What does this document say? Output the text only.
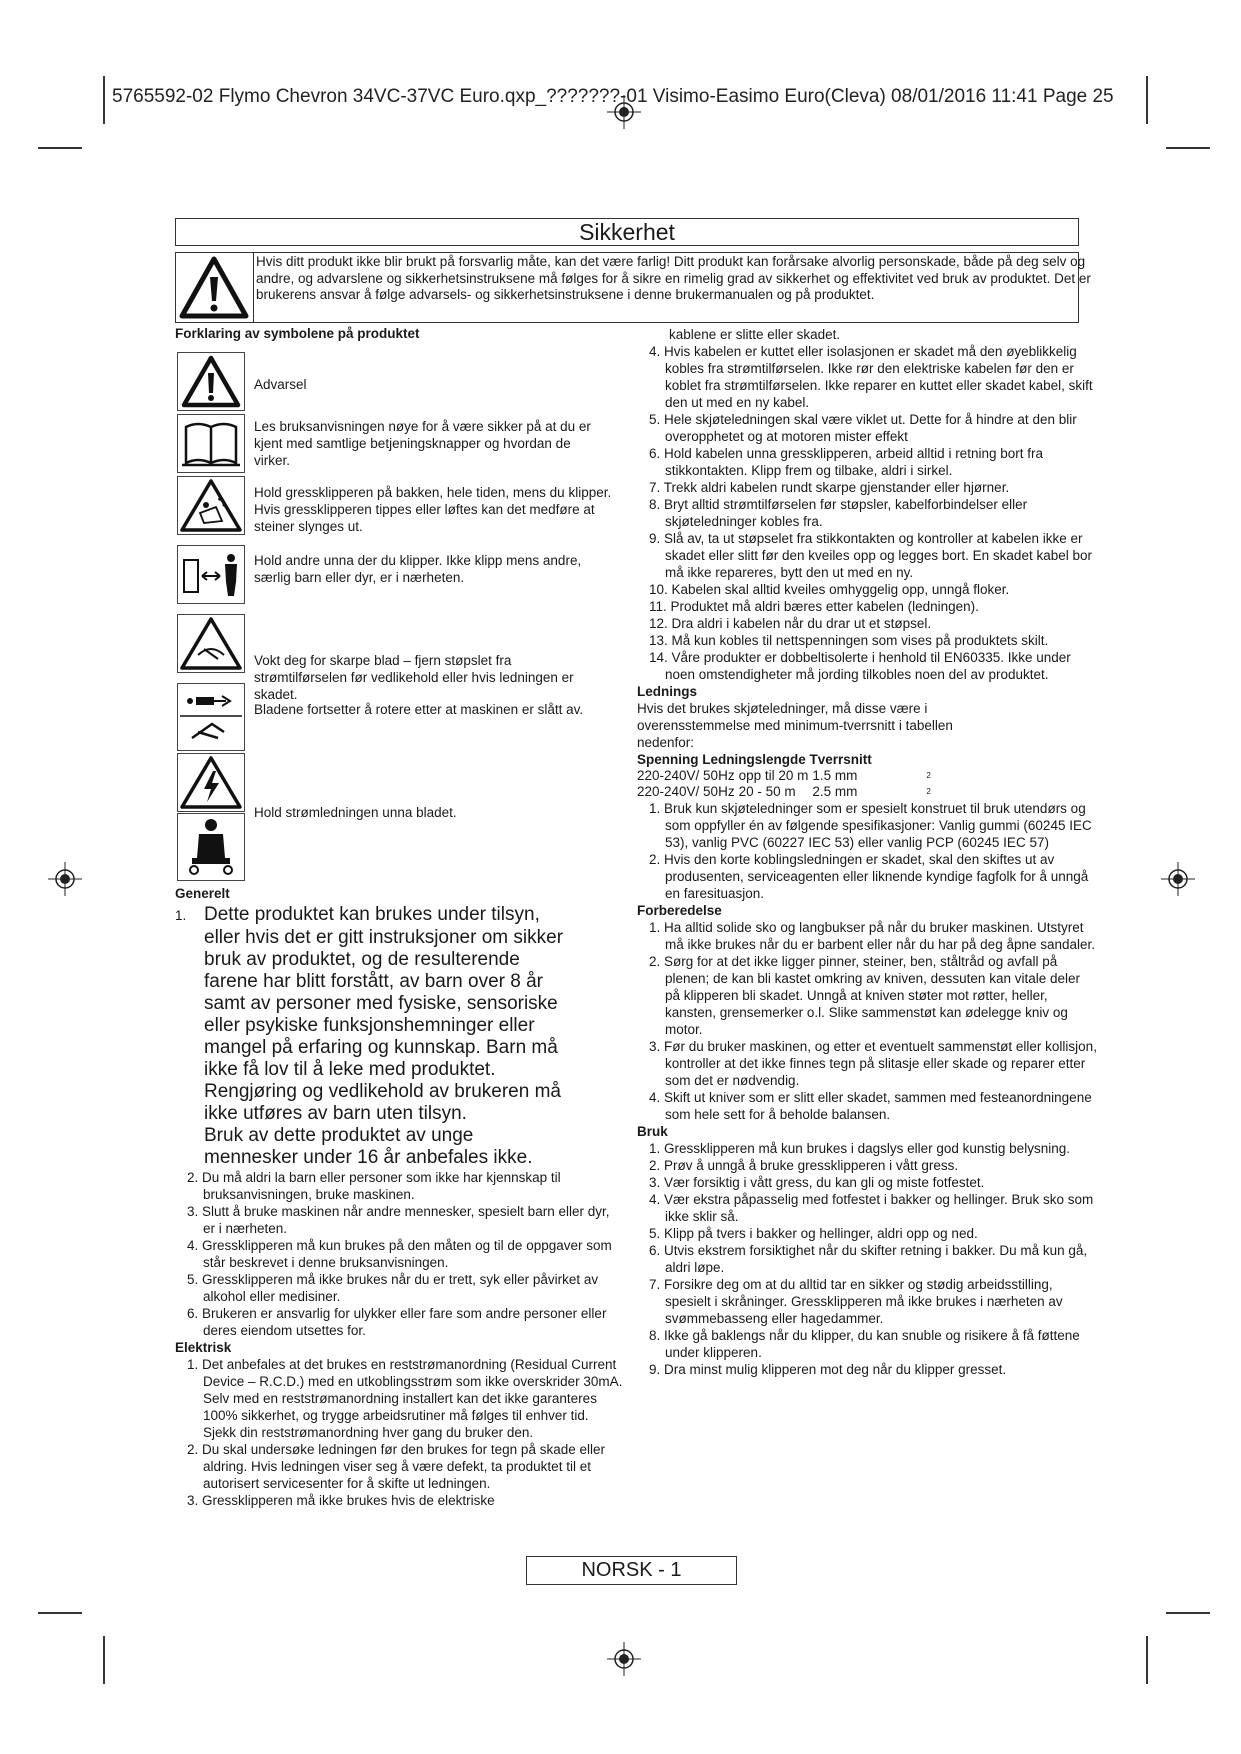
5765592-02 Flymo Chevron 34VC-37VC Euro.qxp_???????-01 Visimo-Easimo Euro(Cleva) 08/01/2016 11:41 Page 25
Sikkerhet
Hvis ditt produkt ikke blir brukt på forsvarlig måte, kan det være farlig! Ditt produkt kan forårsake alvorlig personskade, både på deg selv og andre, og advarslene og sikkerhetsinstruksene må følges for å sikre en rimelig grad av sikkerhet og effektivitet ved bruk av produktet. Det er brukerens ansvar å følge advarsels- og sikkerhetsinstruksene i denne brukermanualen og på produktet.
Forklaring av symbolene på produktet
Advarsel
Les bruksanvisningen nøye for å være sikker på at du er kjent med samtlige betjeningsknapper og hvordan de virker.
Hold gressklipperen på bakken, hele tiden, mens du klipper. Hvis gressklipperen tippes eller løftes kan det medføre at steiner slynges ut.
Hold andre unna der du klipper. Ikke klipp mens andre, særlig barn eller dyr, er i nærheten.
Vokt deg for skarpe blad – fjern støpslet fra strømtilførselen før vedlikehold eller hvis ledningen er skadet.
Bladene fortsetter å rotere etter at maskinen er slått av.
Hold strømledningen unna bladet.

Generelt

1. Dette produktet kan brukes under tilsyn,
eller hvis det er gitt instruksjoner om sikker
bruk av produktet, og de resulterende
farene har blitt forstått, av barn over 8 år
samt av personer med fysiske, sensoriske
eller psykiske funksjonshemninger eller
mangel på erfaring og kunnskap. Barn må
ikke få lov til å leke med produktet.
Rengjøring og vedlikehold av brukeren må
ikke utføres av barn uten tilsyn.
Bruk av dette produktet av unge
mennesker under 16 år anbefales ikke.

2. Du må aldri la barn eller personer som ikke har kjennskap til bruksanvisningen, bruke maskinen.

3. Slutt å bruke maskinen når andre mennesker, spesielt barn eller dyr, er i nærheten.

4. Gressklipperen må kun brukes på den måten og til de oppgaver som står beskrevet i denne bruksanvisningen.

5. Gressklipperen må ikke brukes når du er trett, syk eller påvirket av alkohol eller medisiner.

6. Brukeren er ansvarlig for ulykker eller fare som andre personer eller deres eiendom utsettes for.

Elektrisk

1. Det anbefales at det brukes en reststrømanordning (Residual Current Device – R.C.D.) med en utkoblingsstrøm som ikke overskrider 30mA. Selv med en reststrømanordning installert kan det ikke garanteres 100% sikkerhet, og trygge arbeidsrutiner må følges til enhver tid. Sjekk din reststrømanordning hver gang du bruker den.

2. Du skal undersøke ledningen før den brukes for tegn på skade eller aldring. Hvis ledningen viser seg å være defekt, ta produktet til et autorisert servicesenter for å skifte ut ledningen.

3. Gressklipperen må ikke brukes hvis de elektriske

kablene er slitte eller skadet.

4. Hvis kabelen er kuttet eller isolasjonen er skadet må den øyeblikkelig kobles fra strømtilførselen. Ikke rør den elektriske kabelen før den er koblet fra strømtilførselen. Ikke reparer en kuttet eller skadet kabel, skift den ut med en ny kabel.

5. Hele skjøteledningen skal være viklet ut. Dette for å hindre at den blir overopphetet og at motoren mister effekt

6. Hold kabelen unna gressklipperen, arbeid alltid i retning bort fra stikkontakten. Klipp frem og tilbake, aldri i sirkel.

7. Trekk aldri kabelen rundt skarpe gjenstander eller hjørner.

8. Bryt alltid strømtilførselen før støpsler, kabelforbindelser eller skjøteledninger kobles fra.

9. Slå av, ta ut støpselet fra stikkontakten og kontroller at kabelen ikke er skadet eller slitt før den kveiles opp og legges bort. En skadet kabel bor må ikke repareres, bytt den ut med en ny.

10. Kabelen skal alltid kveiles omhyggelig opp, unngå floker.

11. Produktet må aldri bæres etter kabelen (ledningen).

12. Dra aldri i kabelen når du drar ut et støpsel.

13. Må kun kobles til nettspenningen som vises på produktets skilt.

14. Våre produkter er dobbeltisolerte i henhold til EN60335. Ikke under noen omstendigheter må jording tilkobles noen del av produktet.

Lednings

Hvis det brukes skjøteledninger, må disse være i overensstemmelse med minimum-tverrsnitt i tabellen nedenfor:

Spenning Ledningslengde Tverrsnitt

220-240V/ 50Hz	opp til 20 m	1.5 mm	2
220-240V/ 50Hz	20 - 50 m	2.5 mm	2

1. Bruk kun skjøteledninger som er spesielt konstruet til bruk utendørs og som oppfyller én av følgende spesifikasjoner: Vanlig gummi (60245 IEC 53), vanlig PVC (60227 IEC 53) eller vanlig PCP (60245 IEC 57)

2. Hvis den korte koblingsledningen er skadet, skal den skiftes ut av produsenten, serviceagenten eller liknende kyndige fagfolk for å unngå en faresituasjon.

Forberedelse

1. Ha alltid solide sko og langbukser på når du bruker maskinen. Utstyret må ikke brukes når du er barbent eller når du har på deg åpne sandaler.

2. Sørg for at det ikke ligger pinner, steiner, ben, ståltråd og avfall på plenen; de kan bli kastet omkring av kniven, dessuten kan vitale deler på klipperen bli skadet. Unngå at kniven støter mot røtter, heller, kansten, grensemerker o.l. Slike sammenstøt kan ødelegge kniv og motor.

3. Før du bruker maskinen, og etter et eventuelt sammenstøt eller kollisjon, kontroller at det ikke finnes tegn på slitasje eller skade og reparer etter som det er nødvendig.

4. Skift ut kniver som er slitt eller skadet, sammen med festeanordningene som hele sett for å beholde balansen.

Bruk

1. Gressklipperen må kun brukes i dagslys eller god kunstig belysning.

2. Prøv å unngå å bruke gressklipperen i vått gress.

3. Vær forsiktig i vått gress, du kan gli og miste fotfestet.

4. Vær ekstra påpasselig med fotfestet i bakker og hellinger. Bruk sko som ikke sklir så.

5. Klipp på tvers i bakker og hellinger, aldri opp og ned.

6. Utvis ekstrem forsiktighet når du skifter retning i bakker. Du må kun gå, aldri løpe.

7. Forsikre deg om at du alltid tar en sikker og stødig arbeidsstilling, spesielt i skråninger. Gressklipperen må ikke brukes i nærheten av svømmebasseng eller hagedammer.

8. Ikke gå baklengs når du klipper, du kan snuble og risikere å få føttene under klipperen.

9. Dra minst mulig klipperen mot deg når du klipper gresset.

NORSK - 1
